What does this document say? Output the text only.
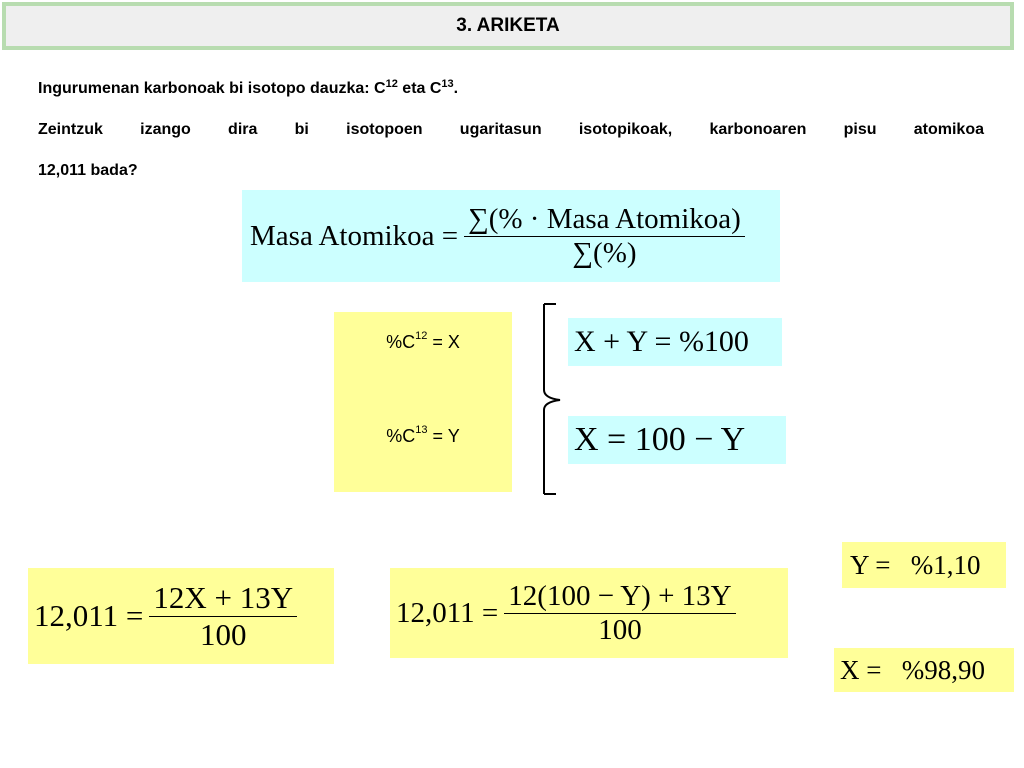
3. ARIKETA
Ingurumenan karbonoak bi isotopo dauzka: $C^{12}$ eta $C^{13}$.
Zeintzuk izango dira bi isotopoen ugaritasun isotopikoak, karbonoaren pisu atomikoa
12,011 bada?
Masa Atomikoa = $\frac{\text{∑(\% · Masa Atomikoa)}}{\sum(\%)}$
$\%C^{12} = X$
$\%C^{13} = Y$
X + Y = %100
X = 100 − Y
$12,011 = \frac{12X + 13Y}{100}$	$12,011 = \frac{12(100 - Y) + 13Y}{100}$
Y =   %1,10
X =   %98,90
